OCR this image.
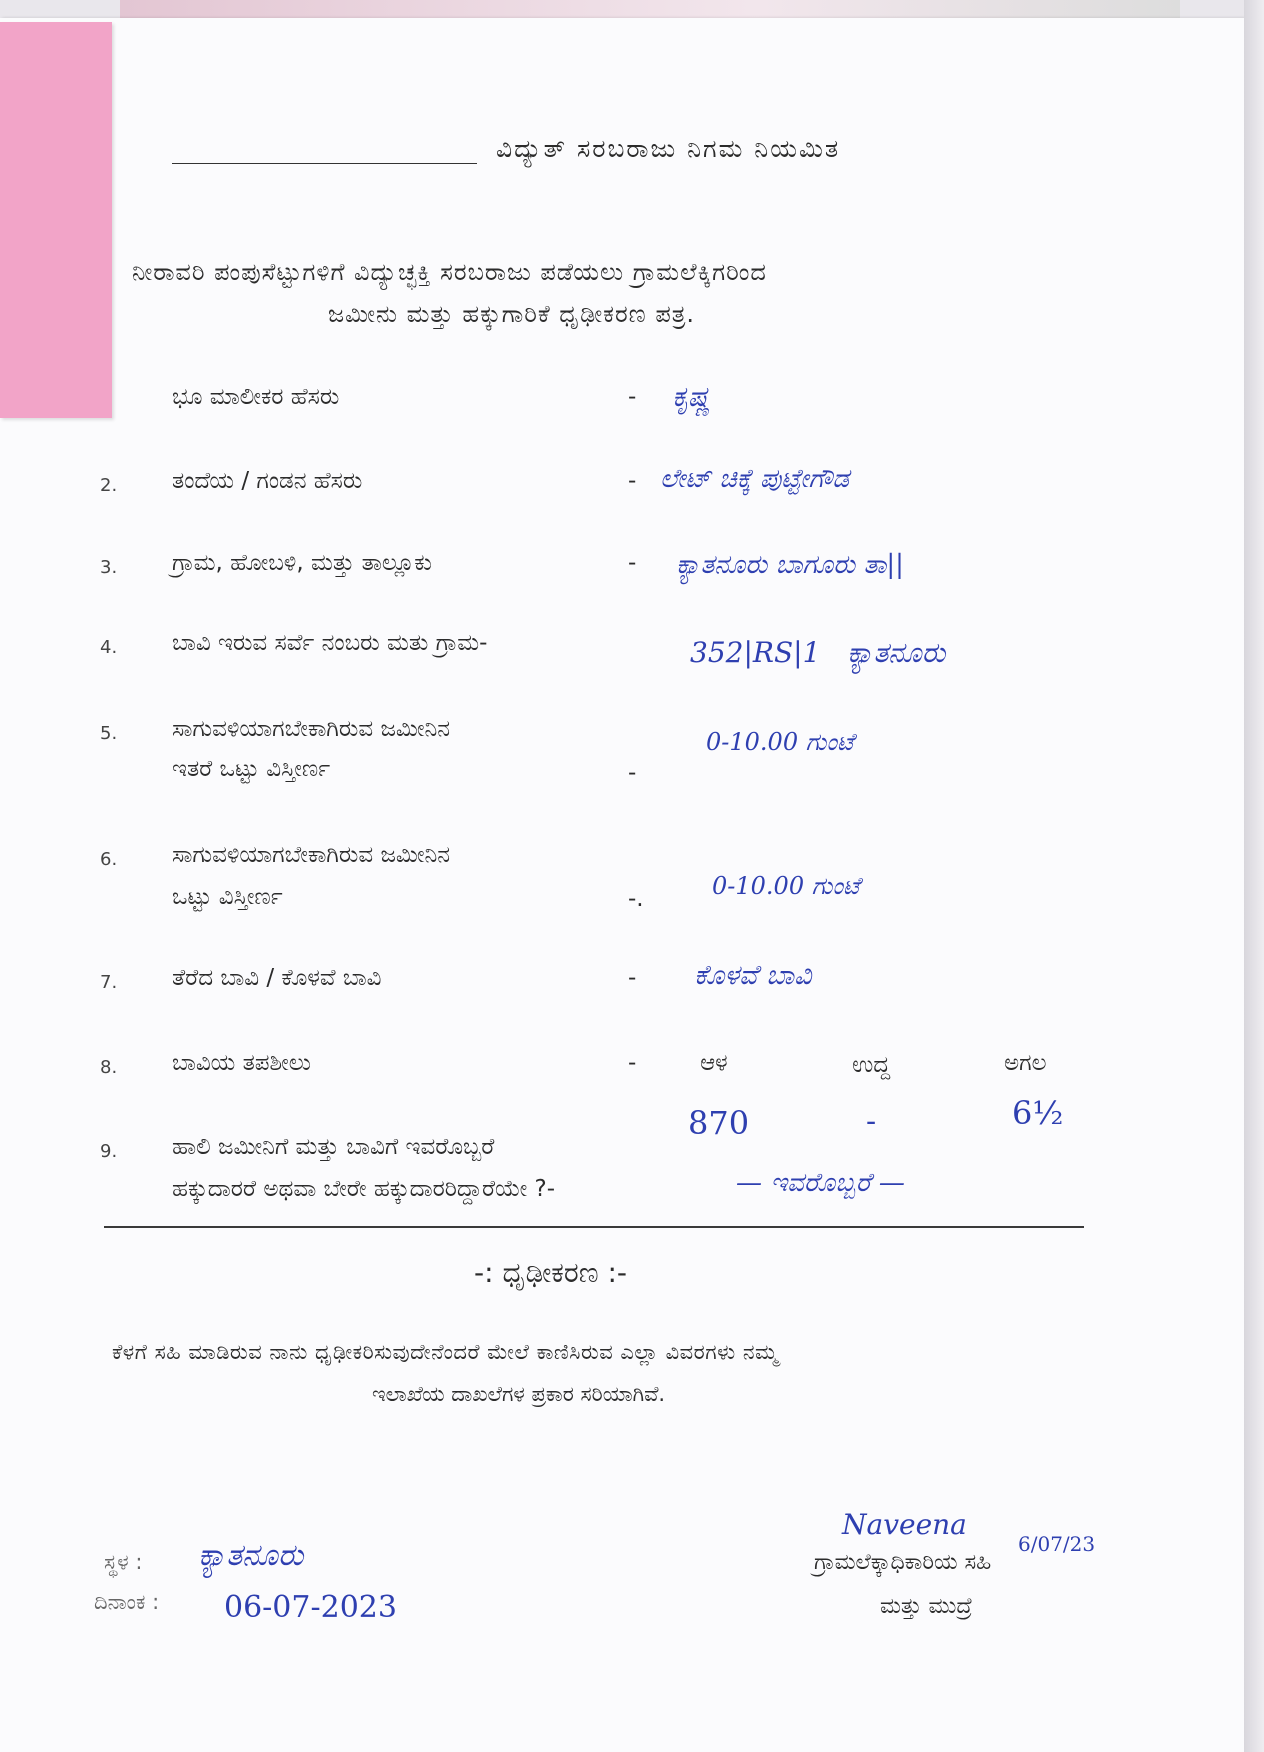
ವಿದ್ಯುತ್ ಸರಬರಾಜು ನಿಗಮ ನಿಯಮಿತ
ನೀರಾವರಿ ಪಂಪುಸೆಟ್ಟುಗಳಿಗೆ ವಿದ್ಯುಚ್ಛಕ್ತಿ ಸರಬರಾಜು ಪಡೆಯಲು ಗ್ರಾಮಲೆಕ್ಕಿಗರಿಂದ
ಜಮೀನು ಮತ್ತು ಹಕ್ಕುಗಾರಿಕೆ ಧೃಢೀಕರಣ ಪತ್ರ.
ಭೂ ಮಾಲೀಕರ ಹೆಸರು	- ಕೃಷ್ಣ
2. ತಂದೆಯ / ಗಂಡನ ಹೆಸರು	- ಲೇಟ್ ಚಿಕ್ಕೆ ಪುಟ್ಟೇಗೌಡ
3. ಗ್ರಾಮ, ಹೋಬಳಿ, ಮತ್ತು ತಾಲ್ಲೂಕು	- ಕ್ಯಾತನೂರು ಬಾಗೂರು ತಾ||
4. ಬಾವಿ ಇರುವ ಸರ್ವೆ ನಂಬರು ಮತು ಗ್ರಾಮ-	352|RS|1   ಕ್ಯಾತನೂರು
5. ಸಾಗುವಳಿಯಾಗಬೇಕಾಗಿರುವ ಜಮೀನಿನ
ಇತರೆ ಒಟ್ಟು ವಿಸ್ತೀರ್ಣ	-
0-10.00 ಗುಂಟೆ
6. ಸಾಗುವಳಿಯಾಗಬೇಕಾಗಿರುವ ಜಮೀನಿನ
ಒಟ್ಟು ವಿಸ್ತೀರ್ಣ	-.	0-10.00 ಗುಂಟೆ
7. ತೆರೆದ ಬಾವಿ / ಕೊಳವೆ ಬಾವಿ	- ಕೊಳವೆ ಬಾವಿ
8. ಬಾವಿಯ ತಪಶೀಲು	-	ಆಳ	ಉದ್ದ	ಅಗಲ
870	-	6½
9. ಹಾಲಿ ಜಮೀನಿಗೆ ಮತ್ತು ಬಾವಿಗೆ ಇವರೊಬ್ಬರೆ
ಹಕ್ಕುದಾರರೆ ಅಥವಾ ಬೇರೇ ಹಕ್ಕುದಾರರಿದ್ದಾರೆಯೇ ?-	— ಇವರೊಬ್ಬರೆ —
-: ಧೃಢೀಕರಣ :-
ಕೆಳಗೆ ಸಹಿ ಮಾಡಿರುವ ನಾನು ಧೃಢೀಕರಿಸುವುದೇನೆಂದರೆ ಮೇಲೆ ಕಾಣಿಸಿರುವ ಎಲ್ಲಾ ವಿವರಗಳು ನಮ್ಮ
ಇಲಾಖೆಯ ದಾಖಲೆಗಳ ಪ್ರಕಾರ ಸರಿಯಾಗಿವೆ.
ಸ್ಥಳ : ಕ್ಯಾತನೂರು
ದಿನಾಂಕ : 06-07-2023
Naveena
6/07/23
ಗ್ರಾಮಲೆಕ್ಕಾಧಿಕಾರಿಯ ಸಹಿ
ಮತ್ತು ಮುದ್ರೆ
